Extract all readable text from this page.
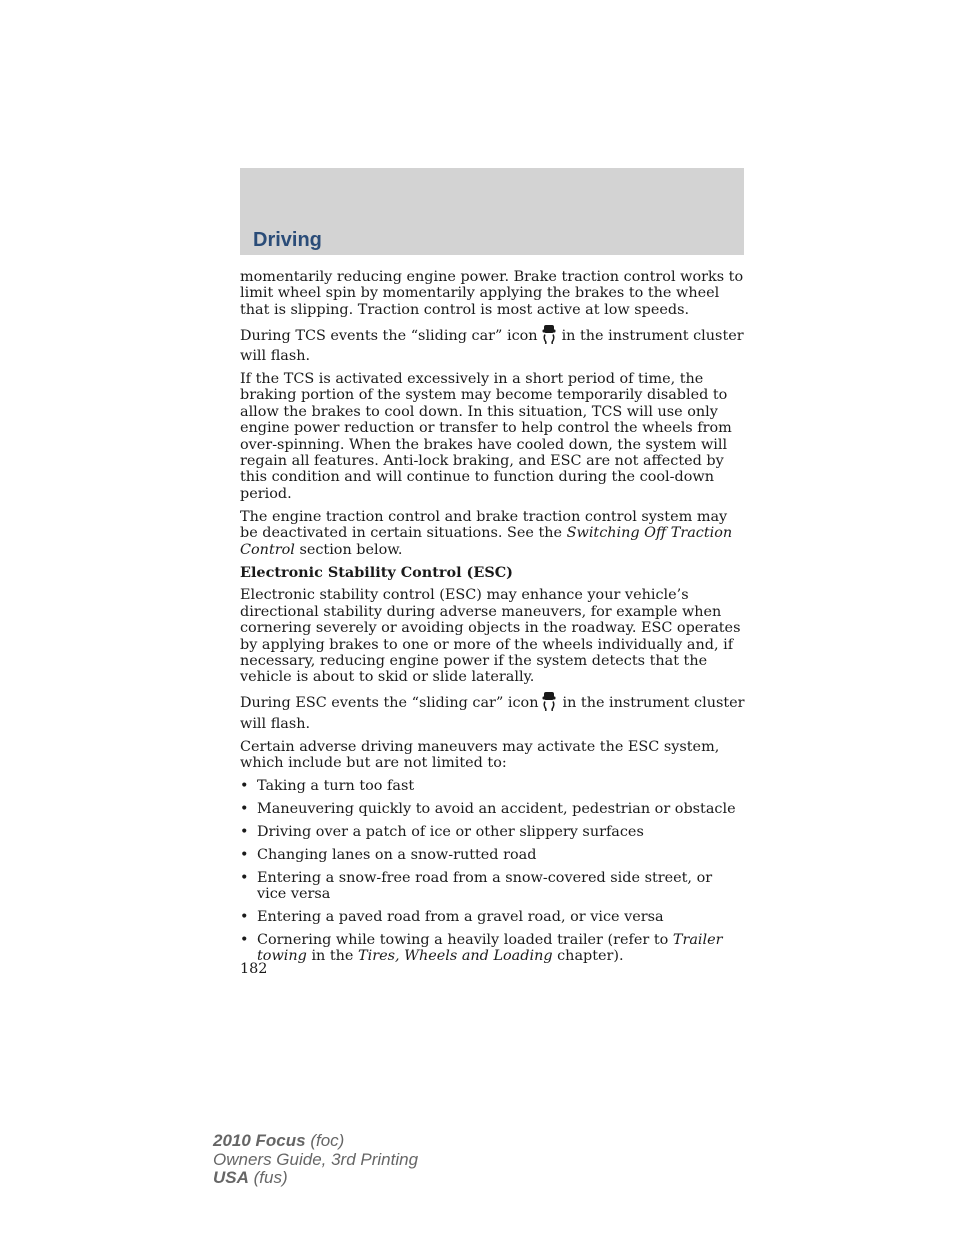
Driving

momentarily reducing engine power. Brake traction control works to limit wheel spin by momentarily applying the brakes to the wheel that is slipping. Traction control is most active at low speeds.

During TCS events the “sliding car” icon in the instrument cluster will flash.

If the TCS is activated excessively in a short period of time, the braking portion of the system may become temporarily disabled to allow the brakes to cool down. In this situation, TCS will use only engine power reduction or transfer to help control the wheels from over-spinning. When the brakes have cooled down, the system will regain all features. Anti-lock braking, and ESC are not affected by this condition and will continue to function during the cool-down period.

The engine traction control and brake traction control system may be deactivated in certain situations. See the Switching Off Traction Control section below.

Electronic Stability Control (ESC)

Electronic stability control (ESC) may enhance your vehicle’s directional stability during adverse maneuvers, for example when cornering severely or avoiding objects in the roadway. ESC operates by applying brakes to one or more of the wheels individually and, if necessary, reducing engine power if the system detects that the vehicle is about to skid or slide laterally.

During ESC events the “sliding car” icon in the instrument cluster will flash.

Certain adverse driving maneuvers may activate the ESC system, which include but are not limited to:

• Taking a turn too fast
• Maneuvering quickly to avoid an accident, pedestrian or obstacle
• Driving over a patch of ice or other slippery surfaces
• Changing lanes on a snow-rutted road
• Entering a snow-free road from a snow-covered side street, or vice versa
• Entering a paved road from a gravel road, or vice versa
• Cornering while towing a heavily loaded trailer (refer to Trailer towing in the Tires, Wheels and Loading chapter).
182
2010 Focus (foc)
Owners Guide, 3rd Printing
USA (fus)
